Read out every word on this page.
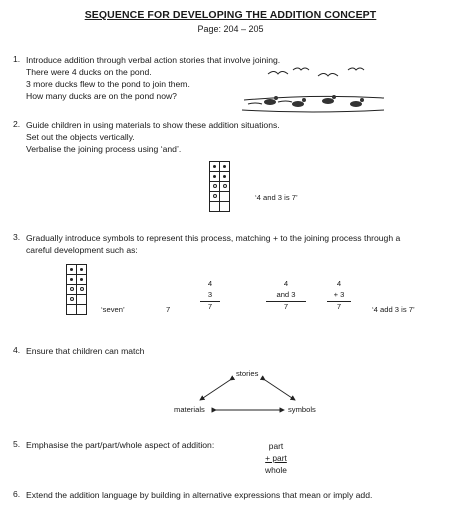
SEQUENCE FOR DEVELOPING THE ADDITION CONCEPT
Page: 204 – 205
1. Introduce addition through verbal action stories that involve joining.
There were 4 ducks on the pond.
3 more ducks flew to the pond to join them.
How many ducks are on the pond now?
2. Guide children in using materials to show these addition situations.
Set out the objects vertically.
Verbalise the joining process using ‘and’.

‘4 and 3 is 7’
3. Gradually introduce symbols to represent this process, matching + to the joining process through a
careful development such as:

‘seven’	7
4
3
7
4
and 3
7
4
+ 3
7	‘4 add 3 is 7’
4. Ensure that children can match
stories
materials	symbols
5. Emphasise the part/part/whole aspect of addition:	part
+ part
whole
6. Extend the addition language by building in alternative expressions that mean or imply add.
